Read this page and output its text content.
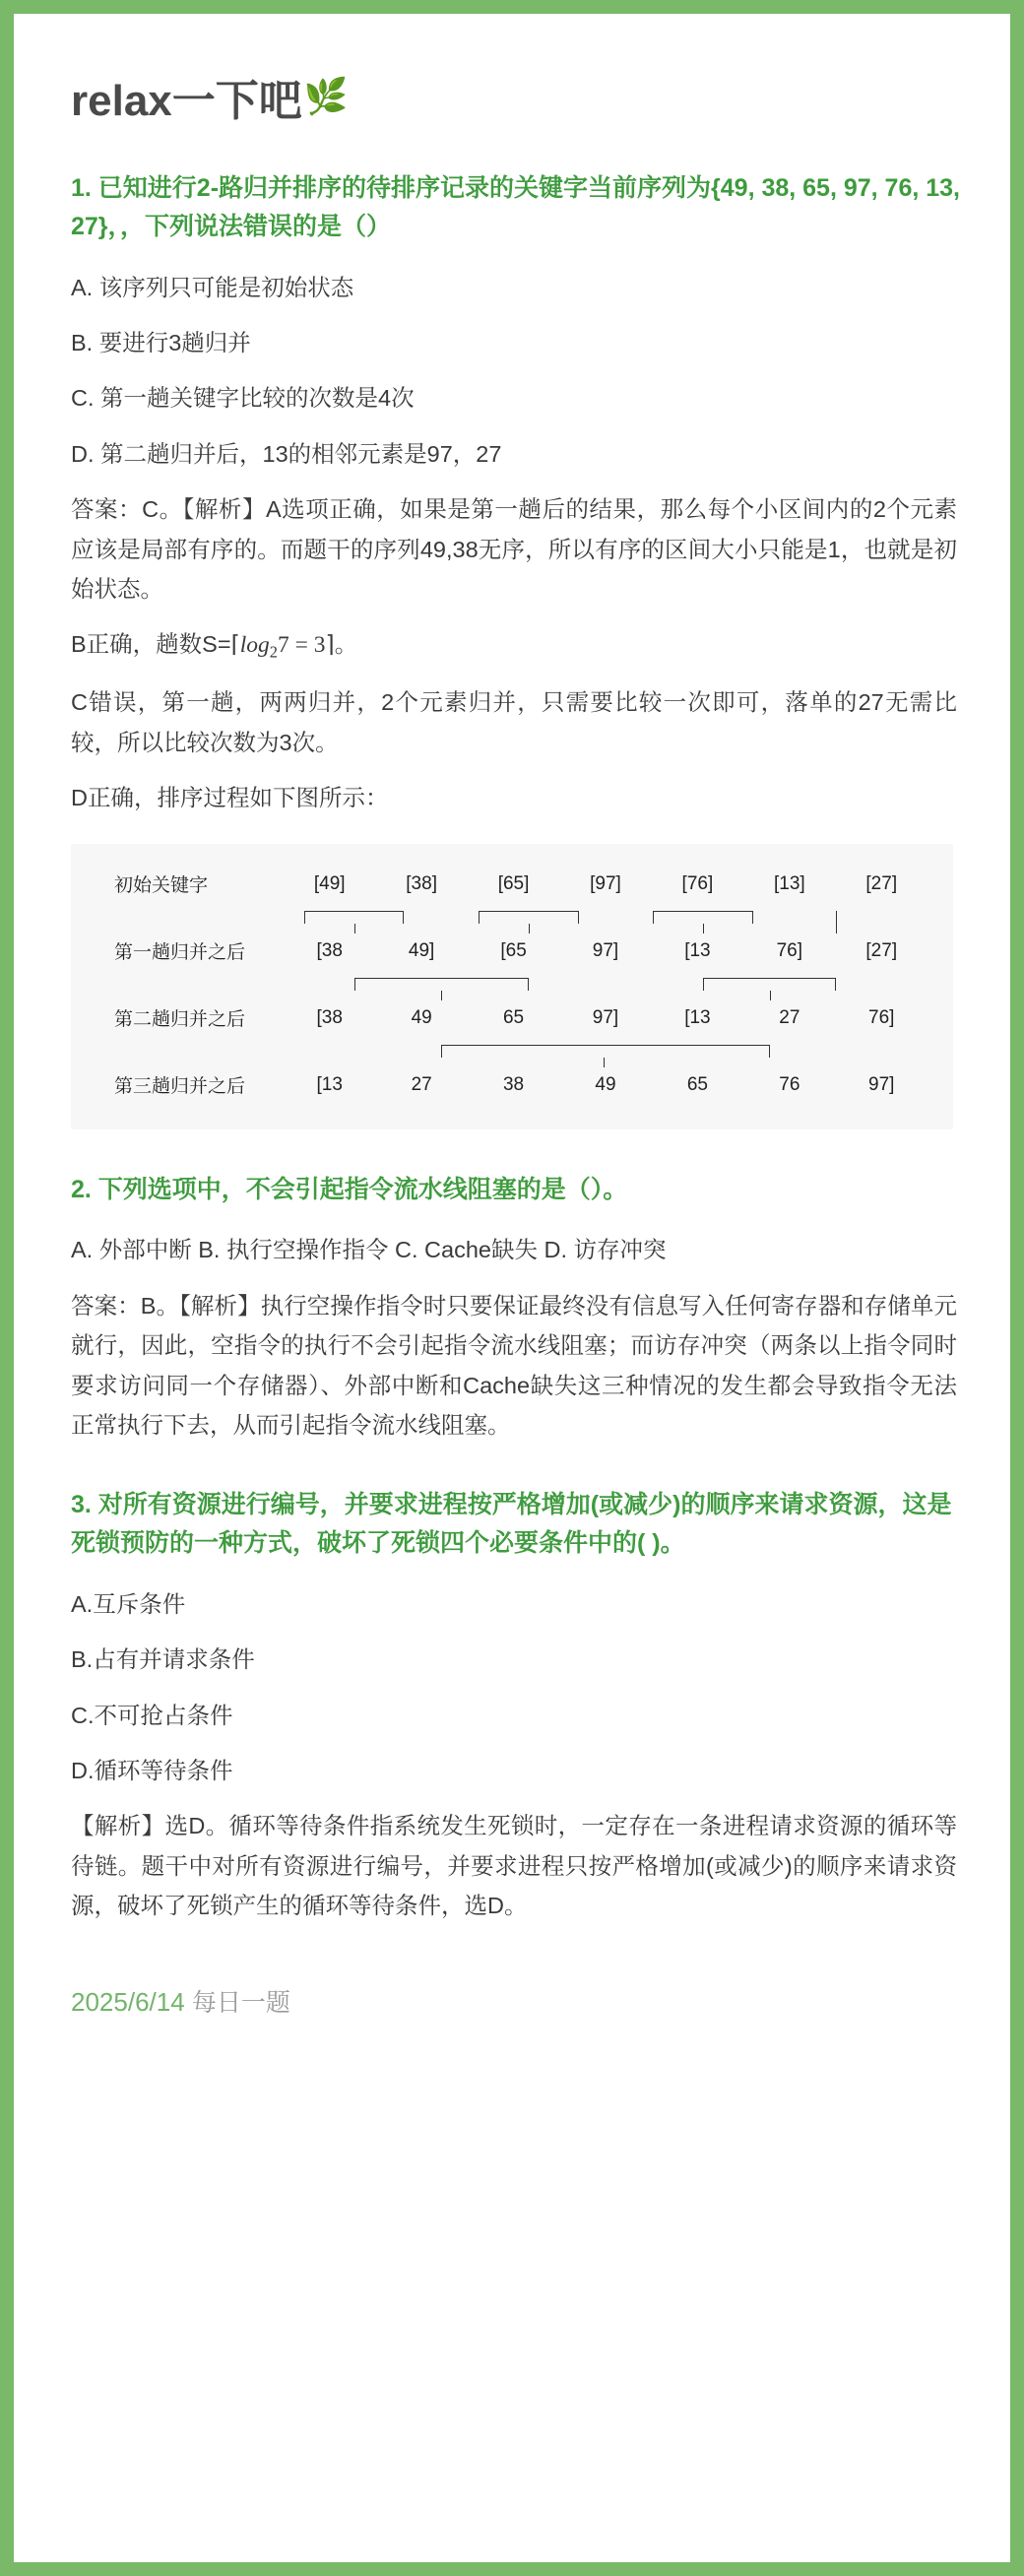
relax一下吧 🌿
1. 已知进行2-路归并排序的待排序记录的关键字当前序列为{49, 38, 65, 97, 76, 13, 27}，，下列说法错误的是（）

A. 该序列只可能是初始状态

B. 要进行3趟归并

C. 第一趟关键字比较的次数是4次

D. 第二趟归并后，13的相邻元素是97，27

答案：C。【解析】A选项正确，如果是第一趟后的结果，那么每个小区间内的2个元素应该是局部有序的。而题干的序列49,38无序，所以有序的区间大小只能是1，也就是初始状态。

B正确，趟数$S=⌈\log_27$ = 3⌉。

C错误，第一趟，两两归并，2个元素归并，只需要比较一次即可，落单的27无需比较，所以比较次数为3次。

D正确，排序过程如下图所示：

初始关键字	[49]	[38]	[65]	[97]	[76]	[13]	[27]

第一趟归并之后	[38	49]	[65	97]	[13	76]	[27]

第二趟归并之后	[38	49	65	97]	[13	27	76]

第三趟归并之后	[13	27	38	49	65	76	97]
2. 下列选项中，不会引起指令流水线阻塞的是（）。

A. 外部中断 B. 执行空操作指令 C. Cache缺失 D. 访存冲突

答案：B。【解析】执行空操作指令时只要保证最终没有信息写入任何寄存器和存储单元就行，因此，空指令的执行不会引起指令流水线阻塞；而访存冲突（两条以上指令同时要求访问同一个存储器）、外部中断和Cache缺失这三种情况的发生都会导致指令无法正常执行下去，从而引起指令流水线阻塞。

3. 对所有资源进行编号，并要求进程按严格增加(或减少)的顺序来请求资源，这是死锁预防的一种方式，破坏了死锁四个必要条件中的( )。

A.互斥条件

B.占有并请求条件

C.不可抢占条件

D.循环等待条件

【解析】选D。循环等待条件指系统发生死锁时，一定存在一条进程请求资源的循环等待链。题干中对所有资源进行编号，并要求进程只按严格增加(或减少)的顺序来请求资源，破坏了死锁产生的循环等待条件，选D。

2025/6/14 每日一题
